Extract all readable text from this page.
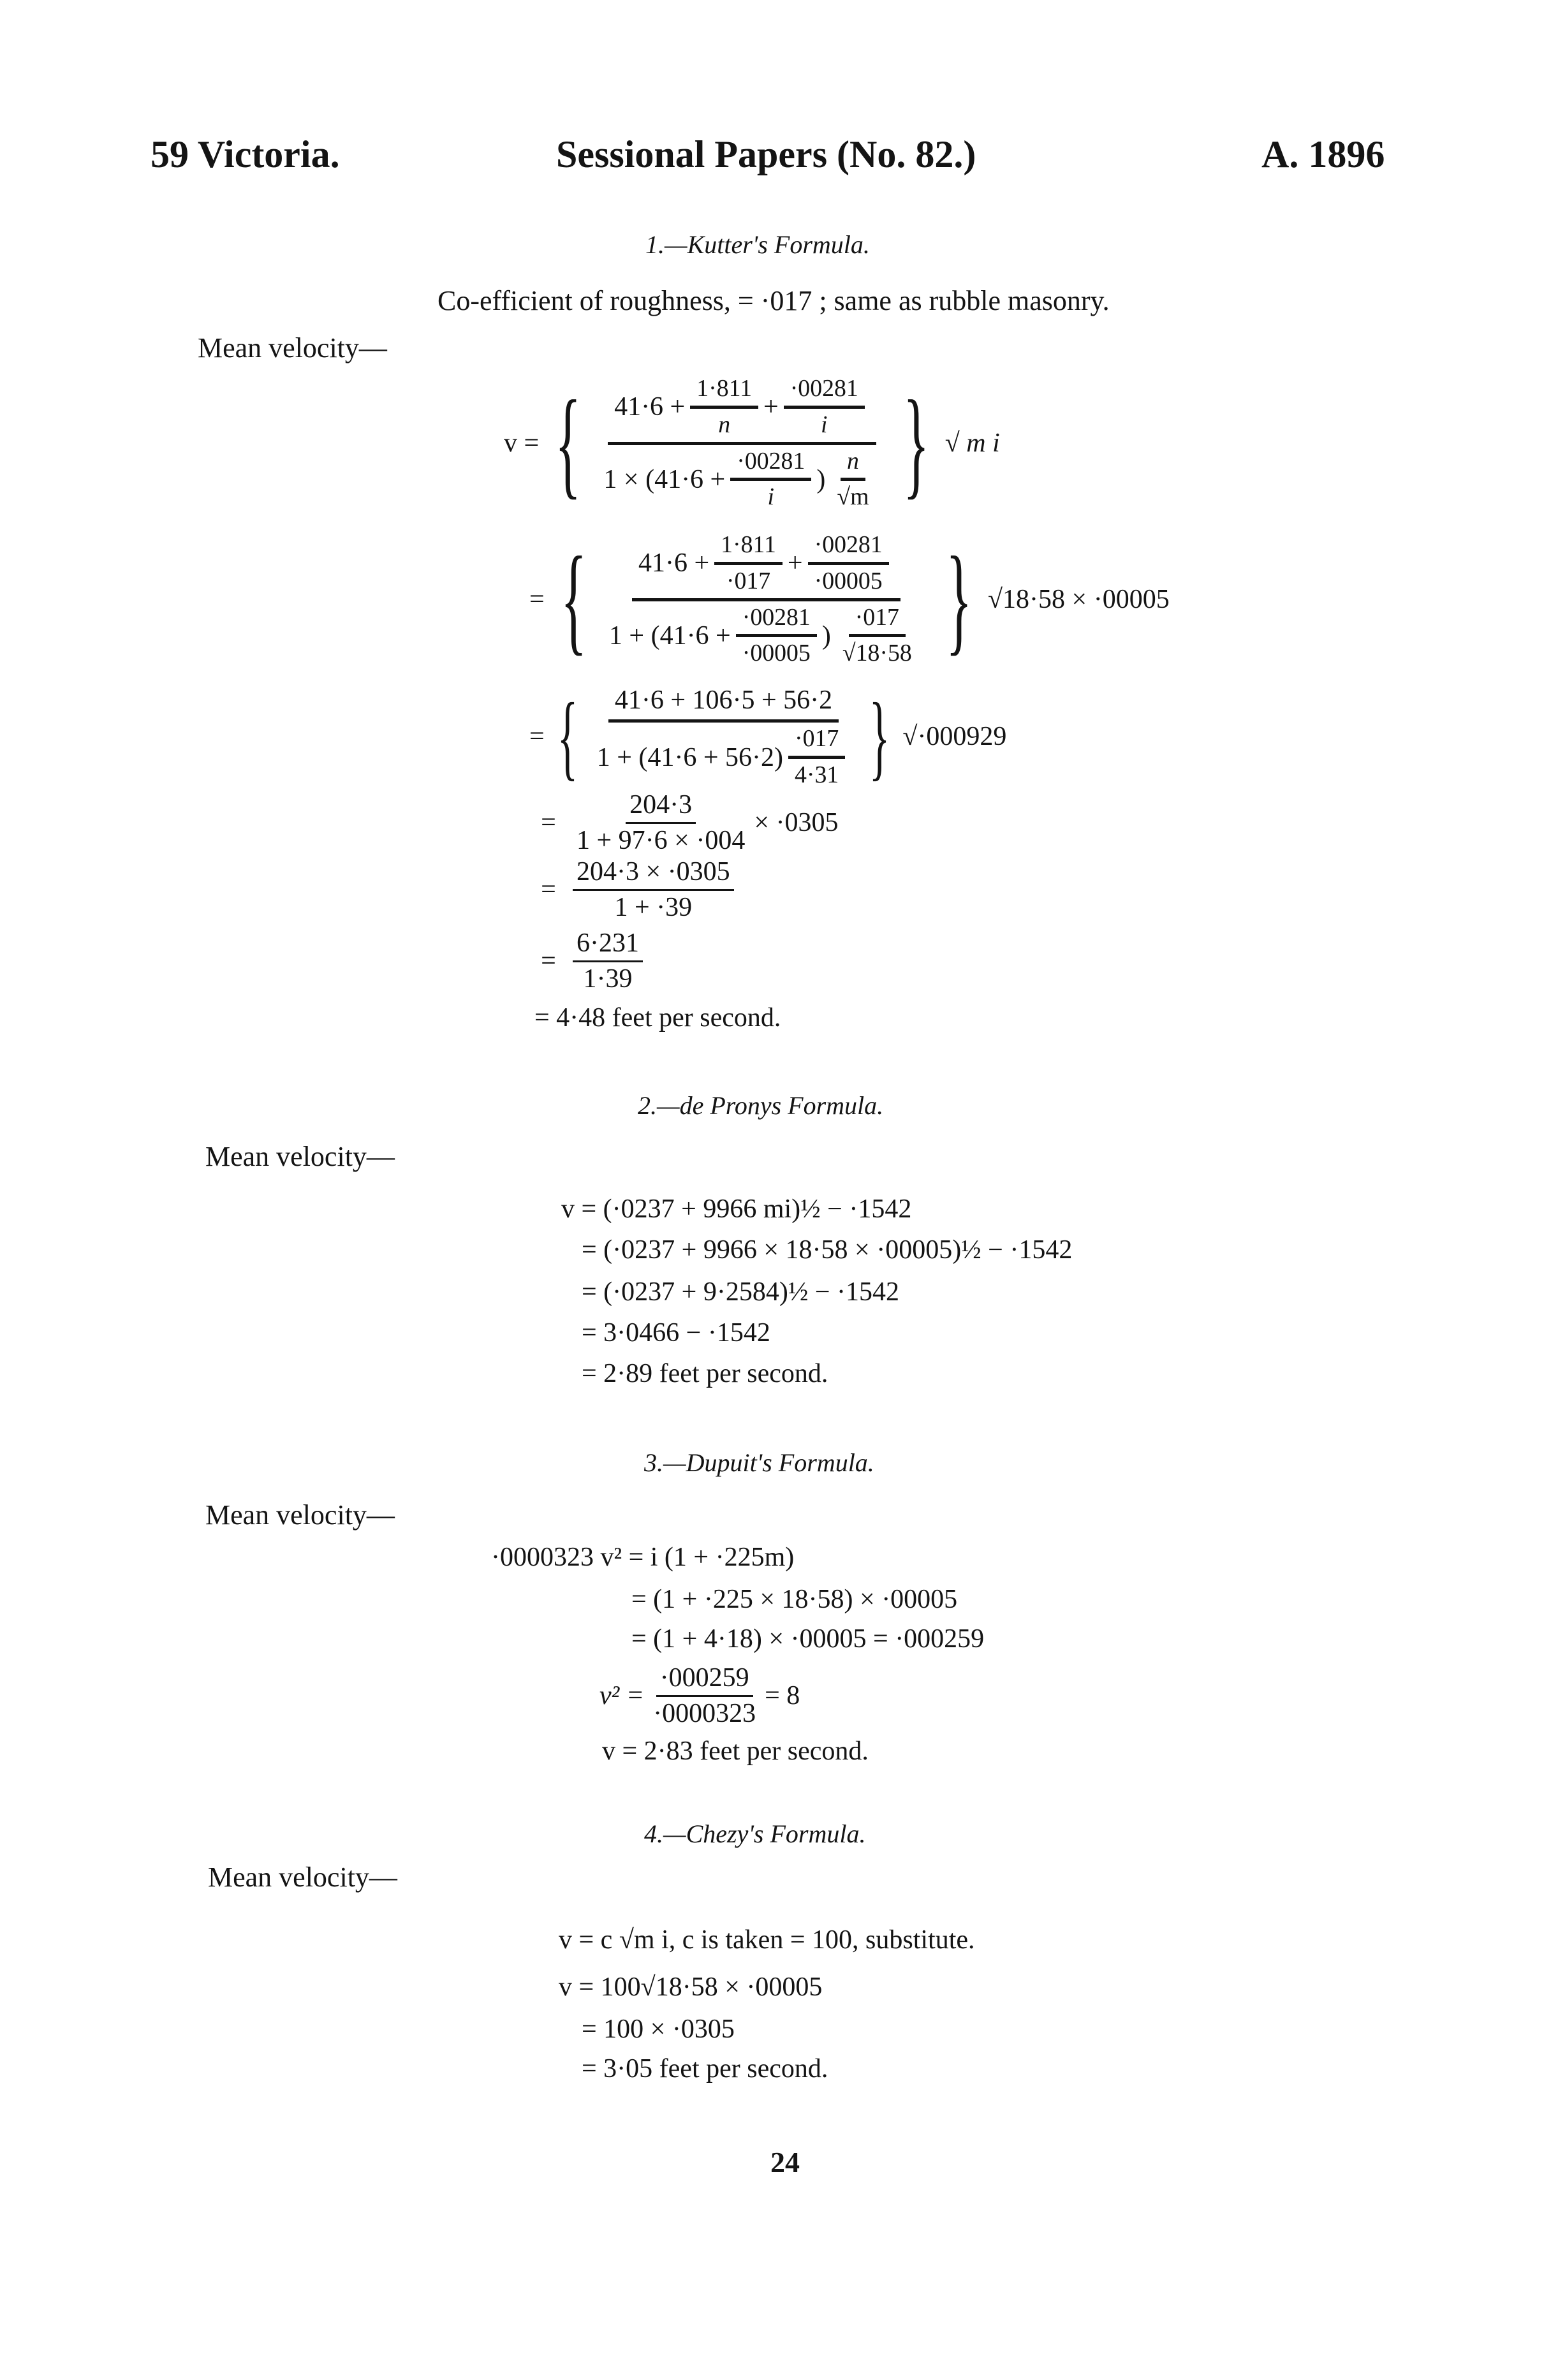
59 Victoria.	Sessional Papers (No. 82.)	A. 1896
1.—Kutter's Formula.
Co-efficient of roughness, = ·017 ; same as rubble masonry.
Mean velocity—
v = { $\frac{41\cdot 6 + \frac{1\cdot 811}{n} + \frac{\cdot 00281}{i}}{1 \times (41\cdot 6 + \frac{\cdot 00281}{i} ) \frac{n}{√m}}$ } √ m i
= { $41\cdot 6 + \frac{1\cdot 811}{\cdot 017} + \frac{\cdot 00281}{\cdot 00005}$
$1 + (41\cdot 6 + \frac{\cdot 00281}{\cdot 00005}$ ) $\frac{\cdot 017}{√18\cdot 58}$ } √18·58 × ·00005
= { $\frac{41\cdot 6 + 106\cdot 5 + 56\cdot 2}{1 + (41\cdot 6 + 56\cdot 2) \frac{\cdot 017}{4\cdot 31}}$ } √·000929
= $\frac{204\cdot 3}{1 + 97\cdot 6 \times \cdot 004} \times \cdot 0305$
= $\frac{204\cdot 3 \times \cdot 0305}{1 + \cdot 39}$
= $\frac{6\cdot 231}{1\cdot 39}$
= 4·48 feet per second.
2.—de Pronys Formula.
Mean velocity—
v = (·0237 + 9966 mi)½ − ·1542
= (·0237 + 9966 × 18·58 × ·00005)½ − ·1542
= (·0237 + 9·2584)½ − ·1542
= 3·0466 − ·1542
= 2·89 feet per second.
3.—Dupuit's Formula.
Mean velocity—
·0000323 v² = i (1 + ·225m)
= (1 + ·225 × 18·58) × ·00005
= (1 + 4·18) × ·00005 = ·000259
$v^2 = \frac{\cdot 000259}{\cdot 0000323} = 8$
v = 2·83 feet per second.
4.—Chezy's Formula.
Mean velocity—
v = c √m i, c is taken = 100, substitute.
v = 100√18·58 × ·00005
= 100 × ·0305
= 3·05 feet per second.
24
